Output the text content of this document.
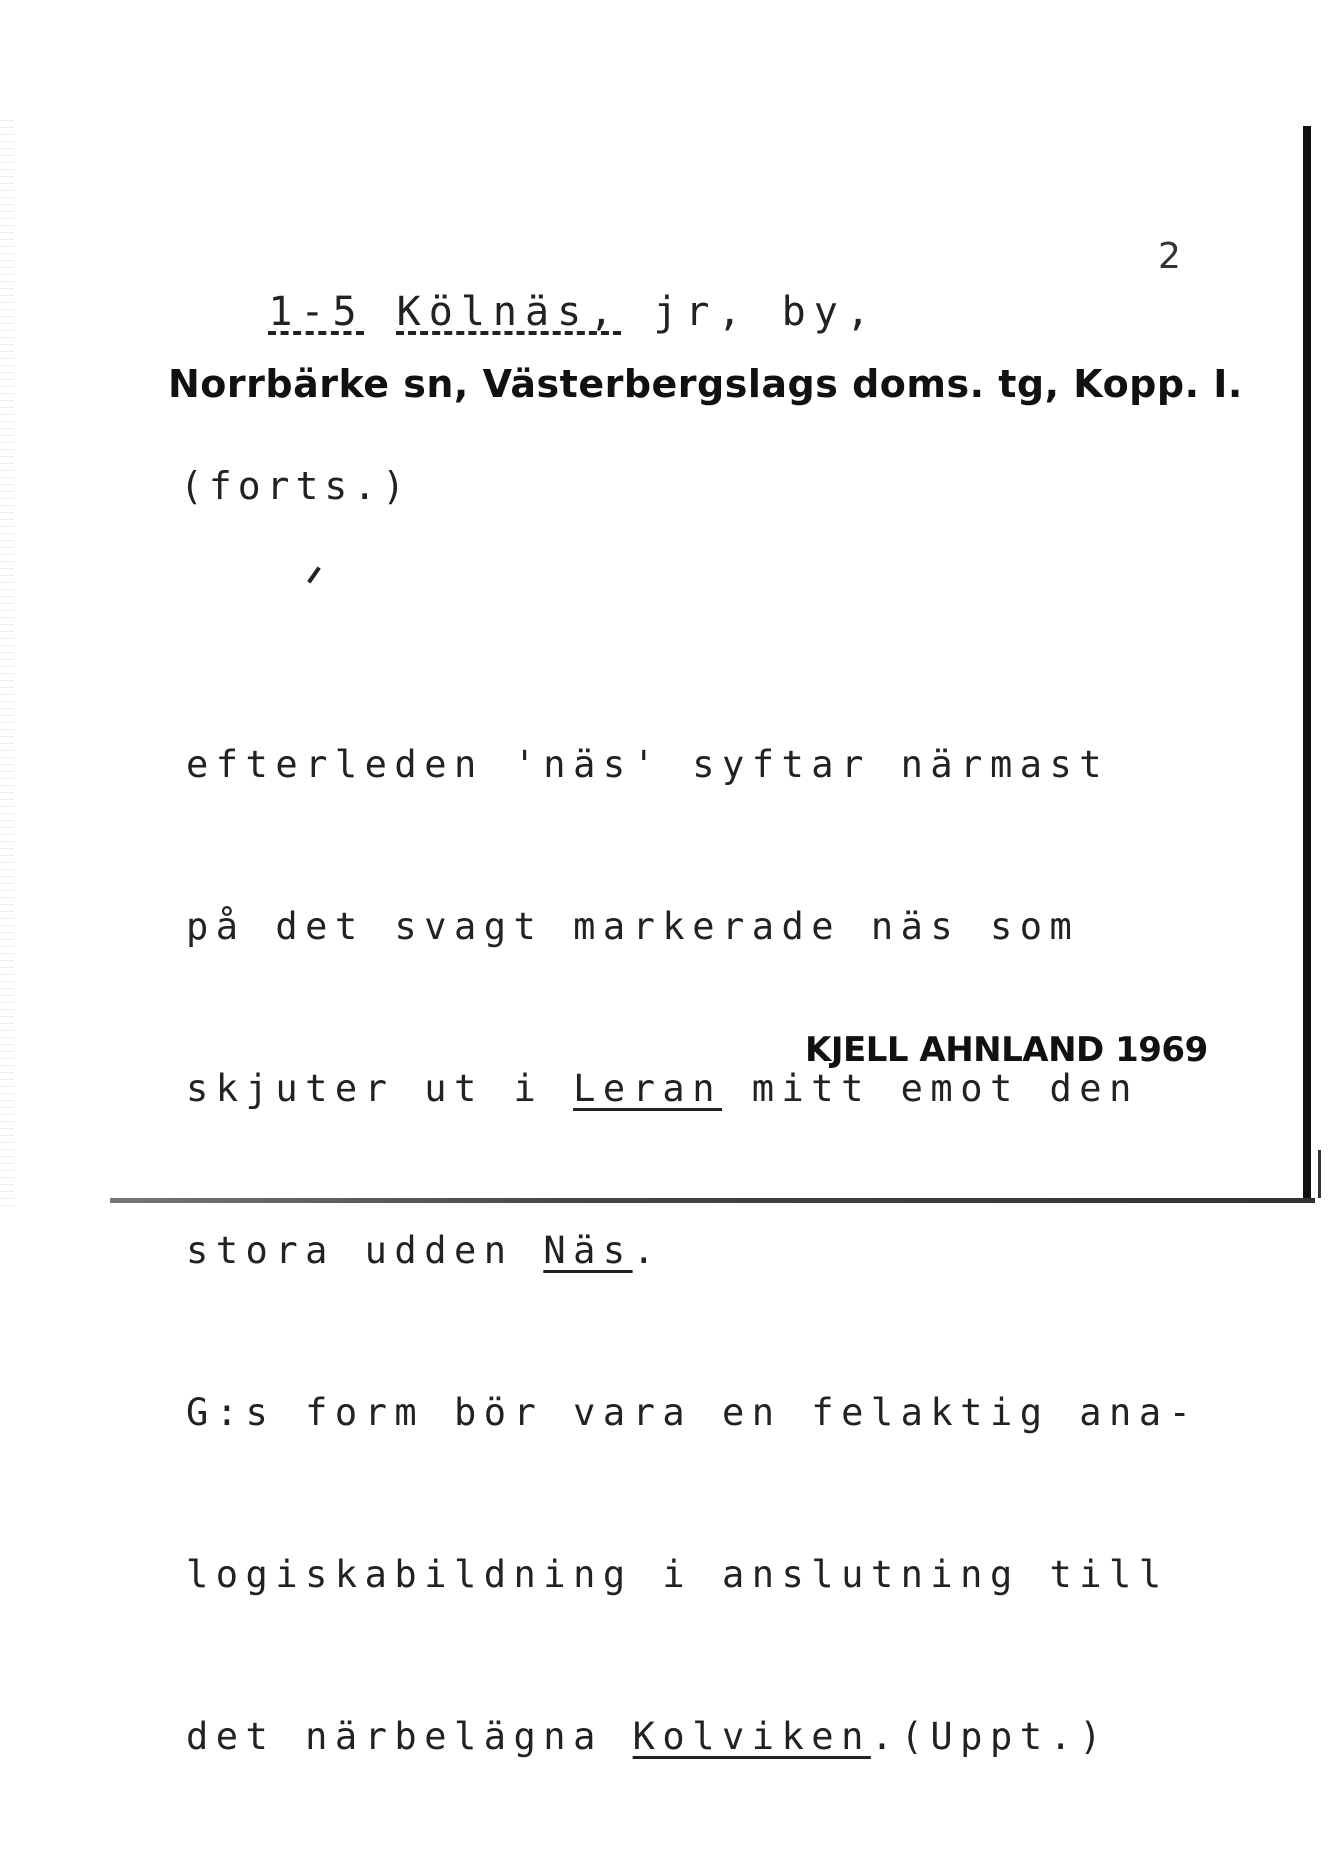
1-5 Kölnäs, jr, by,

2
Norrbärke sn, Västerbergslags doms. tg, Kopp. I.
(forts.)

efterleden 'näs' syftar närmast

på det svagt markerade näs som

skjuter ut i Leran mitt emot den

stora udden Näs.

G:s form bör vara en felaktig ana-

logiskabildning i anslutning till

det närbelägna Kolviken.(Uppt.)

KJELL AHNLAND 1969
